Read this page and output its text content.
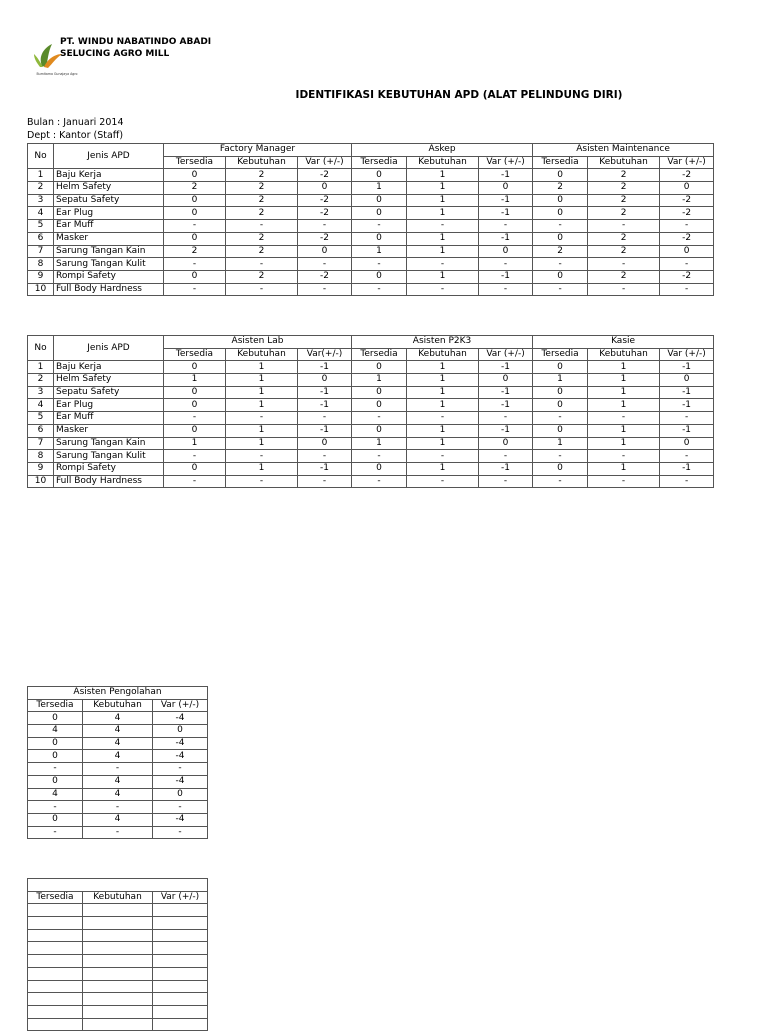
Bumitama Gunajaya Agro
PT. WINDU NABATINDO ABADI
SELUCING AGRO MILL
IDENTIFIKASI KEBUTUHAN APD (ALAT PELINDUNG DIRI)
Bulan : Januari 2014
Dept : Kantor (Staff)
No	Jenis APD	Factory Manager			Askep			Asisten Maintenance		
		Tersedia	Kebutuhan	Var (+/-)	Tersedia	Kebutuhan	Var (+/-)	Tersedia	Kebutuhan	Var (+/-)
1	Baju Kerja	0	2	-2	0	1	-1	0	2	-2
2	Helm Safety	2	2	0	1	1	0	2	2	0
3	Sepatu Safety	0	2	-2	0	1	-1	0	2	-2
4	Ear Plug	0	2	-2	0	1	-1	0	2	-2
5	Ear Muff	-	-	-	-	-	-	-	-	-
6	Masker	0	2	-2	0	1	-1	0	2	-2
7	Sarung Tangan Kain	2	2	0	1	1	0	2	2	0
8	Sarung Tangan Kulit	-	-	-	-	-	-	-	-	-
9	Rompi Safety	0	2	-2	0	1	-1	0	2	-2
10	Full Body Hardness	-	-	-	-	-	-	-	-	-
No	Jenis APD	Asisten Lab			Asisten P2K3			Kasie		
		Tersedia	Kebutuhan	Var(+/-)	Tersedia	Kebutuhan	Var (+/-)	Tersedia	Kebutuhan	Var (+/-)
1	Baju Kerja	0	1	-1	0	1	-1	0	1	-1
2	Helm Safety	1	1	0	1	1	0	1	1	0
3	Sepatu Safety	0	1	-1	0	1	-1	0	1	-1
4	Ear Plug	0	1	-1	0	1	-1	0	1	-1
5	Ear Muff	-	-	-	-	-	-	-	-	-
6	Masker	0	1	-1	0	1	-1	0	1	-1
7	Sarung Tangan Kain	1	1	0	1	1	0	1	1	0
8	Sarung Tangan Kulit	-	-	-	-	-	-	-	-	-
9	Rompi Safety	0	1	-1	0	1	-1	0	1	-1
10	Full Body Hardness	-	-	-	-	-	-	-	-	-
Asisten Pengolahan		
Tersedia	Kebutuhan	Var (+/-)
0	4	-4
4	4	0
0	4	-4
0	4	-4
-	-	-
0	4	-4
4	4	0
-	-	-
0	4	-4
-	-	-

Tersedia	Kebutuhan	Var (+/-)
